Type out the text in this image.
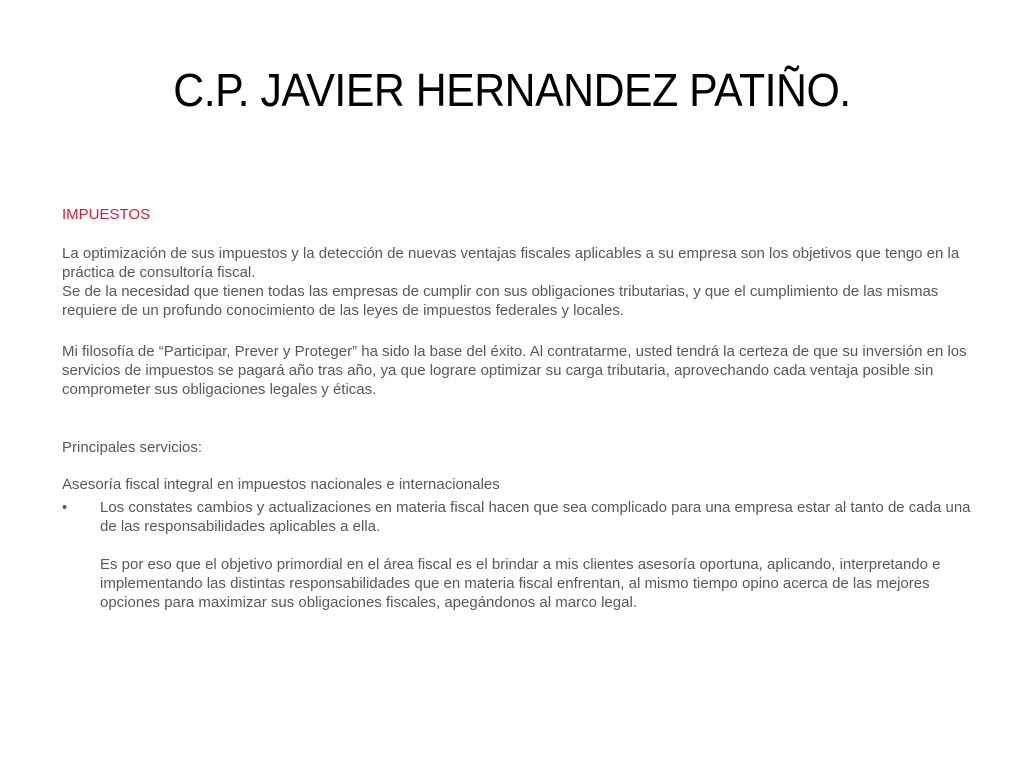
C.P. JAVIER HERNANDEZ PATIÑO.

IMPUESTOS

La optimización de sus impuestos y la detección de nuevas ventajas fiscales aplicables a su empresa son los objetivos que tengo en la práctica de consultoría fiscal.

Se de la necesidad que tienen todas las empresas de cumplir con sus obligaciones tributarias, y que el cumplimiento de las mismas requiere de un profundo conocimiento de las leyes de impuestos federales y locales.

Mi filosofía de “Participar, Prever y Proteger” ha sido la base del éxito. Al contratarme, usted tendrá la certeza de que su inversión en los servicios de impuestos se pagará año tras año, ya que lograre optimizar su carga tributaria, aprovechando cada ventaja posible sin comprometer sus obligaciones legales y éticas.

Principales servicios:

Asesoría fiscal integral en impuestos nacionales e internacionales

•	Los constates cambios y actualizaciones en materia fiscal hacen que sea complicado para una empresa estar al tanto de cada una de las responsabilidades aplicables a ella.

Es por eso que el objetivo primordial en el área fiscal es el brindar a mis clientes asesoría oportuna, aplicando, interpretando e implementando las distintas responsabilidades que en materia fiscal enfrentan, al mismo tiempo opino acerca de las mejores opciones para maximizar sus obligaciones fiscales, apegándonos al marco legal.
